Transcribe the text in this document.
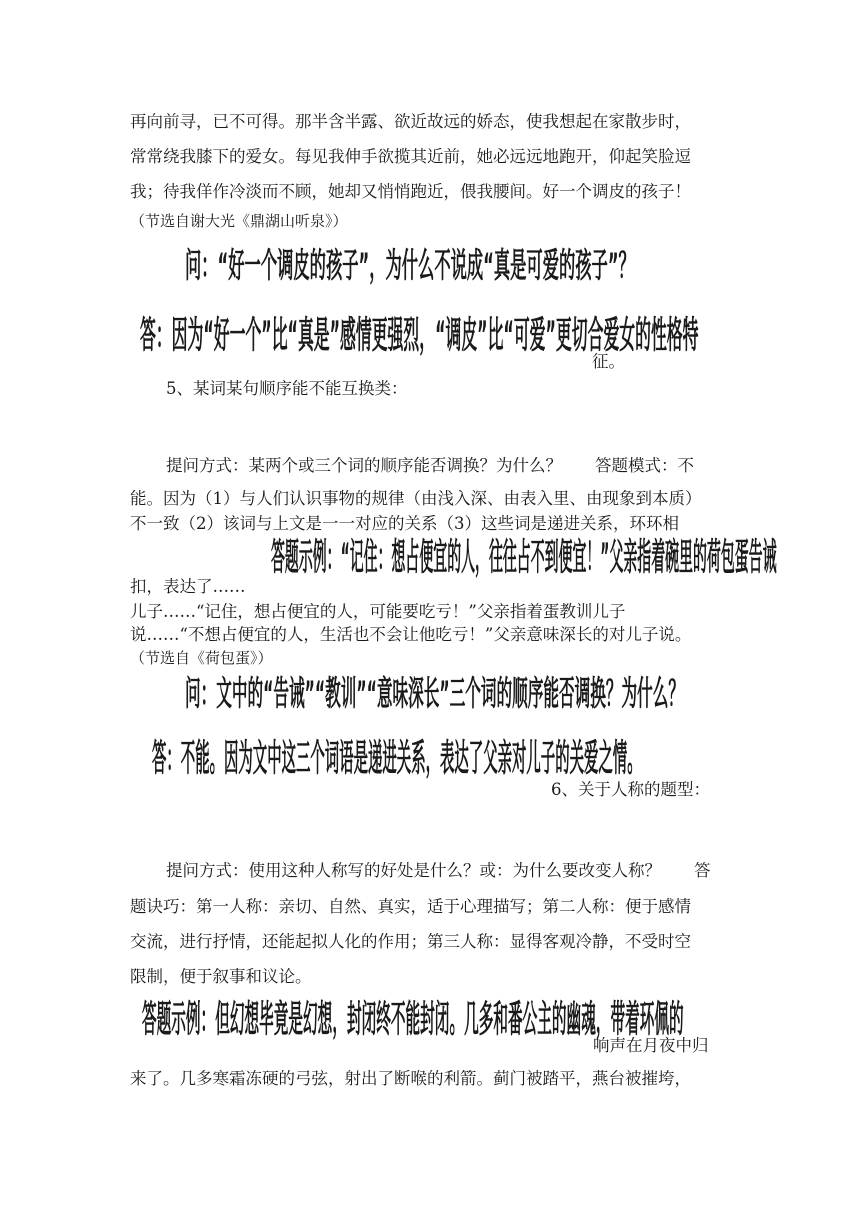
再向前寻，已不可得。那半含半露、欲近故远的娇态，使我想起在家散步时，
常常绕我膝下的爱女。每见我伸手欲揽其近前，她必远远地跑开，仰起笑脸逗
我；待我佯作冷淡而不顾，她却又悄悄跑近，偎我腰间。好一个调皮的孩子！
（节选自谢大光《鼎湖山听泉》）
问：“好一个调皮的孩子”，为什么不说成“真是可爱的孩子”？
答：因为“好一个”比“真是”感情更强烈，“调皮”比“可爱”更切合爱女的性格特
征。
5、某词某句顺序能不能互换类：
提问方式：某两个或三个词的顺序能否调换？为什么？　　答题模式：不
能。因为（1）与人们认识事物的规律（由浅入深、由表入里、由现象到本质）
不一致（2）该词与上文是一一对应的关系（3）这些词是递进关系，环环相
答题示例：“记住：想占便宜的人，往往占不到便宜！”父亲指着碗里的荷包蛋告诫
扣，表达了……
儿子……“记住，想占便宜的人，可能要吃亏！”父亲指着蛋教训儿子
说……“不想占便宜的人，生活也不会让他吃亏！”父亲意味深长的对儿子说。
（节选自《荷包蛋》）
问：文中的“告诫”“教训”“意味深长”三个词的顺序能否调换？为什么？
答：不能。因为文中这三个词语是递进关系，表达了父亲对儿子的关爱之情。
6、关于人称的题型：
提问方式：使用这种人称写的好处是什么？或：为什么要改变人称？　　答
题诀巧：第一人称：亲切、自然、真实，适于心理描写；第二人称：便于感情
交流，进行抒情，还能起拟人化的作用；第三人称：显得客观冷静，不受时空
限制，便于叙事和议论。
答题示例：但幻想毕竟是幻想，封闭终不能封闭。几多和番公主的幽魂，带着环佩的
响声在月夜中归
来了。几多寒霜冻硬的弓弦，射出了断喉的利箭。蓟门被踏平，燕台被摧垮，
